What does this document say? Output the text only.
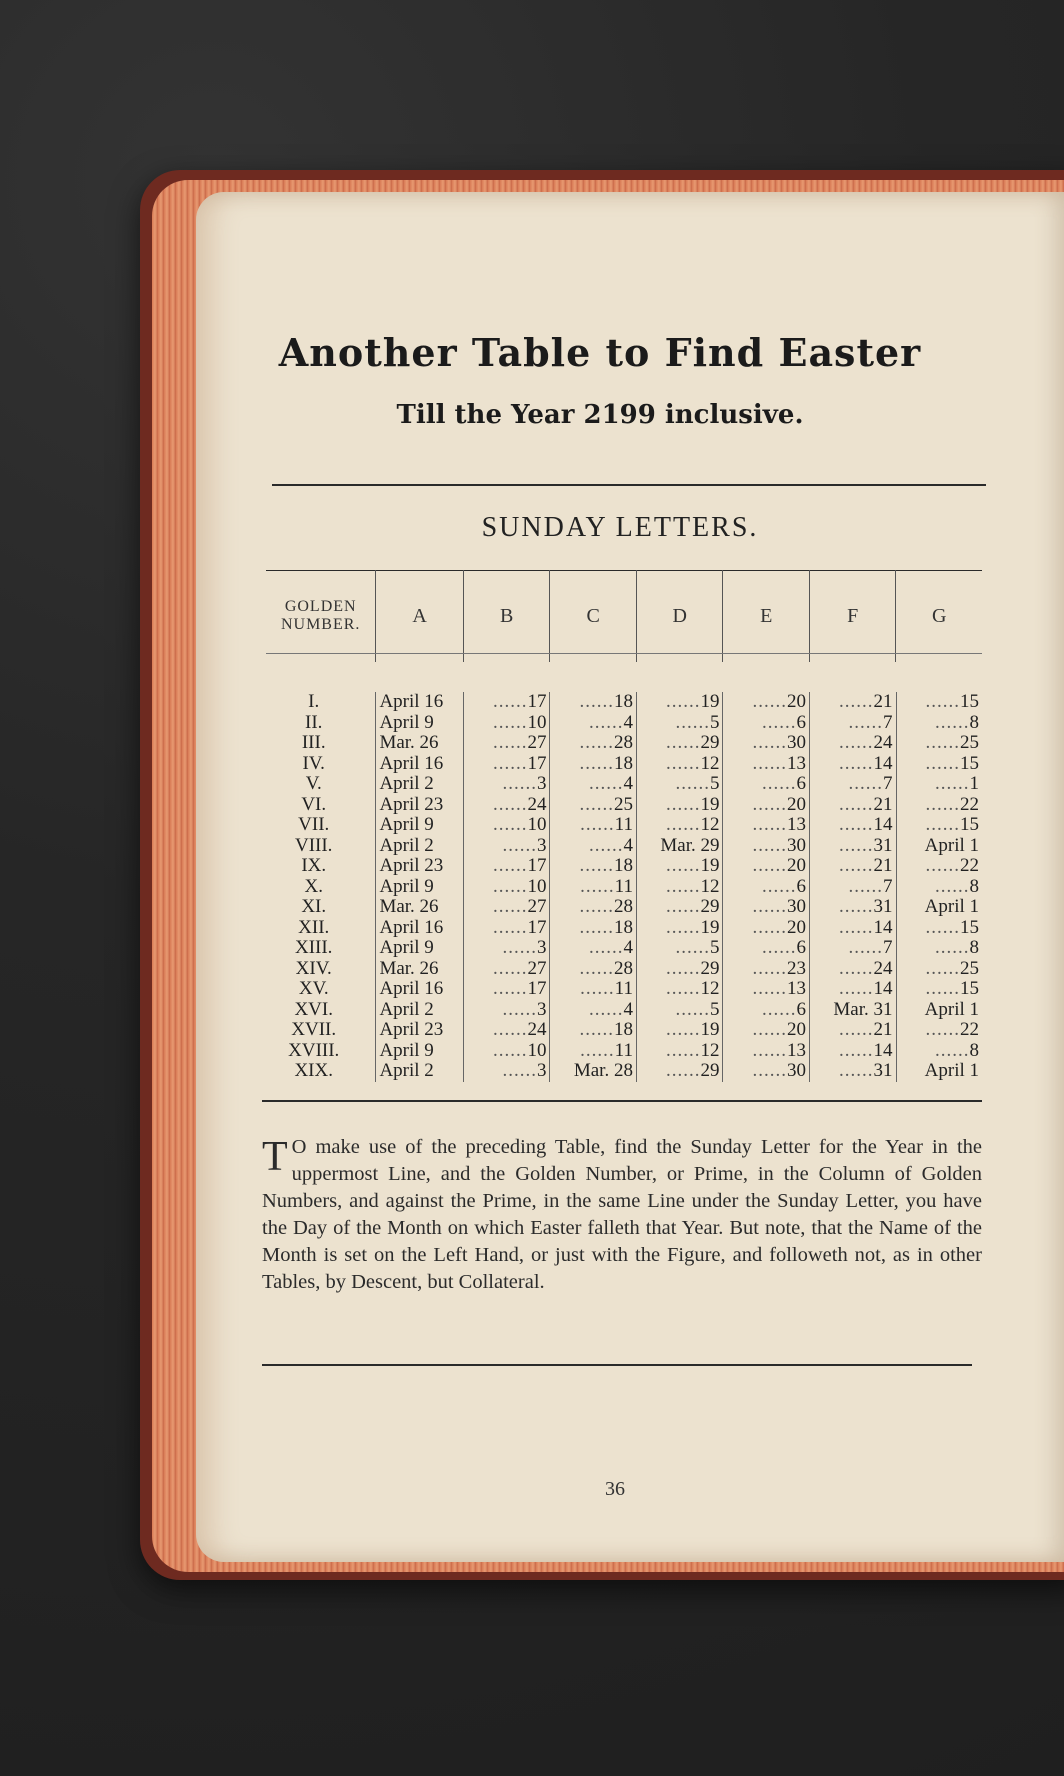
Another Table to Find Easter
Till the Year 2199 inclusive.
SUNDAY LETTERS.
GOLDEN NUMBER.	A	B	C	D	E	F	G
I.	April 16	......17	......18	......19	......20	......21	......15
II.	April 9	......10	......4	......5	......6	......7	......8
III.	Mar. 26	......27	......28	......29	......30	......24	......25
IV.	April 16	......17	......18	......12	......13	......14	......15
V.	April 2	......3	......4	......5	......6	......7	......1
VI.	April 23	......24	......25	......19	......20	......21	......22
VII.	April 9	......10	......11	......12	......13	......14	......15
VIII.	April 2	......3	......4	Mar. 29	......30	......31	April 1
IX.	April 23	......17	......18	......19	......20	......21	......22
X.	April 9	......10	......11	......12	......6	......7	......8
XI.	Mar. 26	......27	......28	......29	......30	......31	April 1
XII.	April 16	......17	......18	......19	......20	......14	......15
XIII.	April 9	......3	......4	......5	......6	......7	......8
XIV.	Mar. 26	......27	......28	......29	......23	......24	......25
XV.	April 16	......17	......11	......12	......13	......14	......15
XVI.	April 2	......3	......4	......5	......6	Mar. 31	April 1
XVII.	April 23	......24	......18	......19	......20	......21	......22
XVIII.	April 9	......10	......11	......12	......13	......14	......8
XIX.	April 2	......3	Mar. 28	......29	......30	......31	April 1
T O make use of the preceding Table, find the Sunday Letter for the Year in the uppermost Line, and the Golden Number, or Prime, in the Column of Golden Numbers, and against the Prime, in the same Line under the Sunday Letter, you have the Day of the Month on which Easter falleth that Year. But note, that the Name of the Month is set on the Left Hand, or just with the Figure, and followeth not, as in other Tables, by Descent, but Collateral.
36
